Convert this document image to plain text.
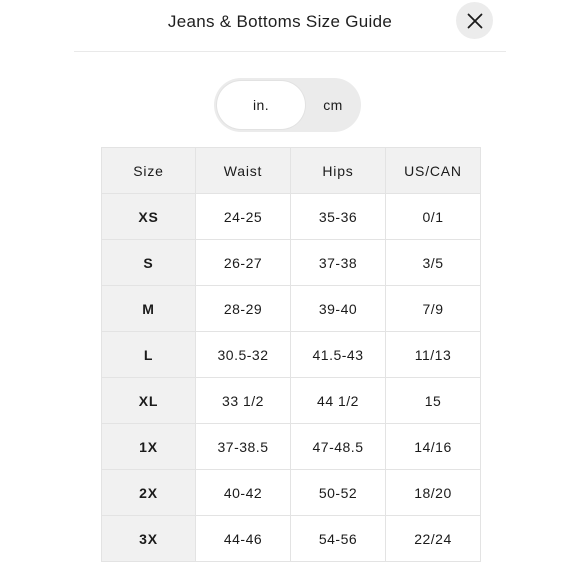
Jeans & Bottoms Size Guide
in.	cm
Size	Waist	Hips	US/CAN
XS	24-25	35-36	0/1
S	26-27	37-38	3/5
M	28-29	39-40	7/9
L	30.5-32	41.5-43	11/13
XL	33 1/2	44 1/2	15
1X	37-38.5	47-48.5	14/16
2X	40-42	50-52	18/20
3X	44-46	54-56	22/24
